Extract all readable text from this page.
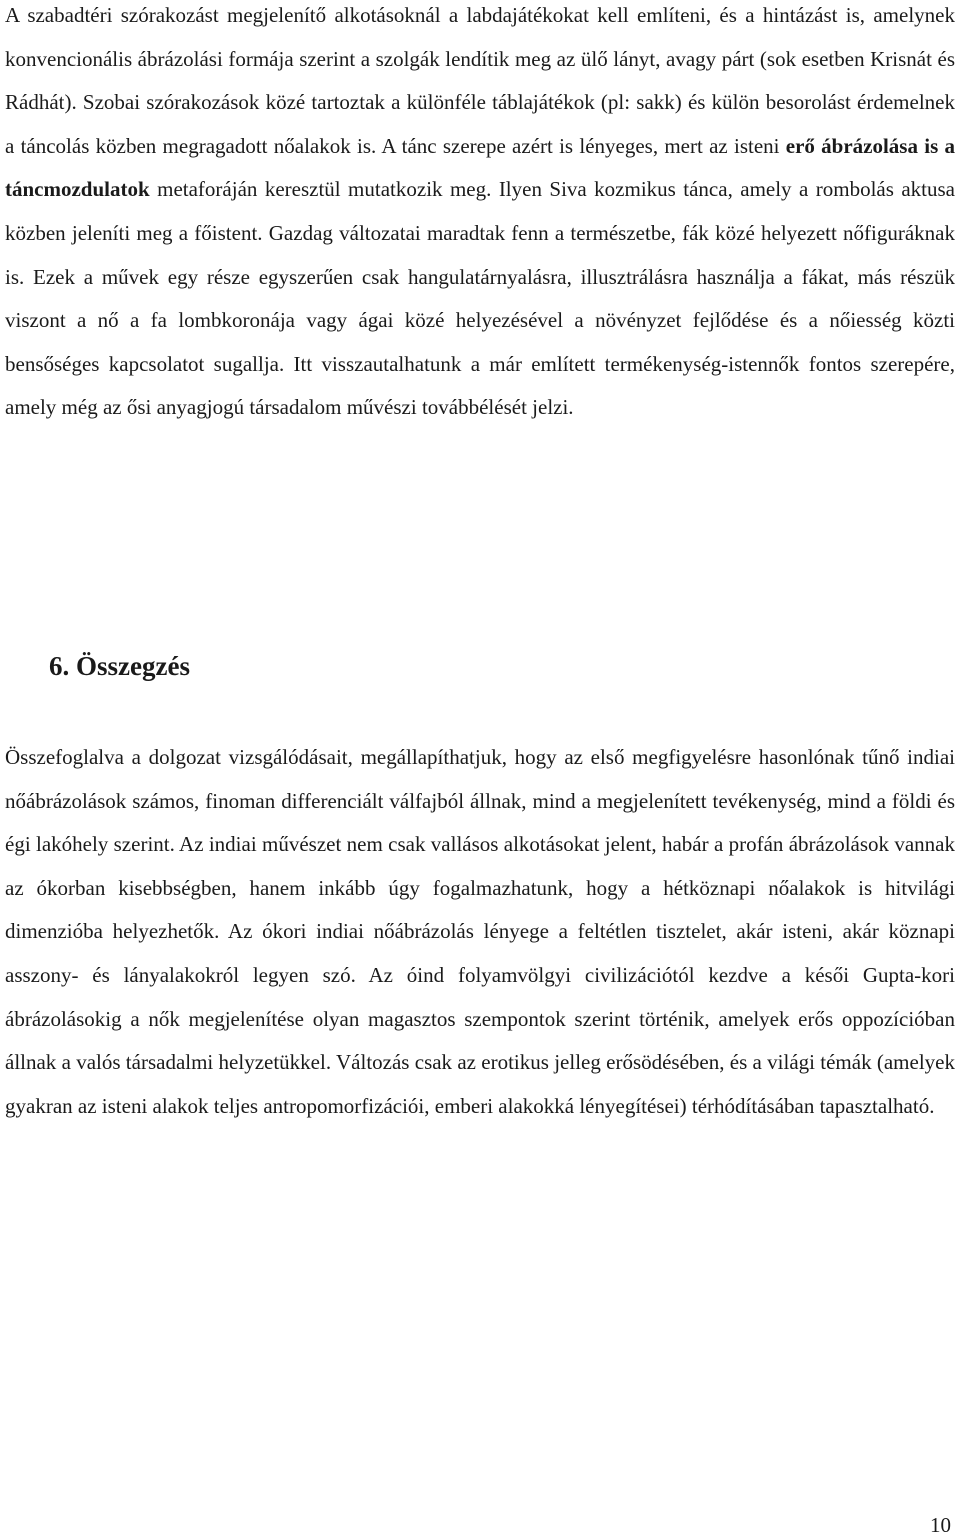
A szabadtéri szórakozást megjelenítő alkotásoknál a labdajátékokat kell említeni, és a hintázást is, amelynek konvencionális ábrázolási formája szerint a szolgák lendítik meg az ülő lányt, avagy párt (sok esetben Krisnát és Rádhát). Szobai szórakozások közé tartoztak a különféle táblajátékok (pl: sakk) és külön besorolást érdemelnek a táncolás közben megragadott nőalakok is. A tánc szerepe azért is lényeges, mert az isteni erő ábrázolása is a táncmozdulatok metaforáján keresztül mutatkozik meg. Ilyen Siva kozmikus tánca, amely a rombolás aktusa közben jeleníti meg a főistent. Gazdag változatai maradtak fenn a természetbe, fák közé helyezett nőfiguráknak is. Ezek a művek egy része egyszerűen csak hangulatárnyalásra, illusztrálásra használja a fákat, más részük viszont a nő a fa lombkoronája vagy ágai közé helyezésével a növényzet fejlődése és a nőiesség közti bensőséges kapcsolatot sugallja. Itt visszautalhatunk a már említett termékenység-istennők fontos szerepére, amely még az ősi anyagjogú társadalom művészi továbbélését jelzi.

6. Összegzés

Összefoglalva a dolgozat vizsgálódásait, megállapíthatjuk, hogy az első megfigyelésre hasonlónak tűnő indiai nőábrázolások számos, finoman differenciált válfajból állnak, mind a megjelenített tevékenység, mind a földi és égi lakóhely szerint. Az indiai művészet nem csak vallásos alkotásokat jelent, habár a profán ábrázolások vannak az ókorban kisebbségben, hanem inkább úgy fogalmazhatunk, hogy a hétköznapi nőalakok is hitvilági dimenzióba helyezhetők. Az ókori indiai nőábrázolás lényege a feltétlen tisztelet, akár isteni, akár köznapi asszony- és lányalakokról legyen szó. Az óind folyamvölgyi civilizációtól kezdve a késői Gupta-kori ábrázolásokig a nők megjelenítése olyan magasztos szempontok szerint történik, amelyek erős oppozícióban állnak a valós társadalmi helyzetükkel. Változás csak az erotikus jelleg erősödésében, és a világi témák (amelyek gyakran az isteni alakok teljes antropomorfizációi, emberi alakokká lényegítései) térhódításában tapasztalható.

10
